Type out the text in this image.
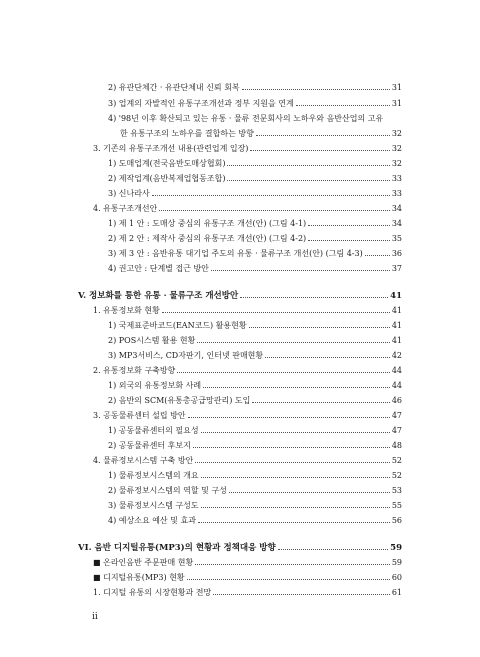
2) 유관단체간 · 유관단체내 신뢰 회복	31
3) 업계의 자발적인 유통구조개선과 정부 지원을 연계	31
4) '98년 이후 확산되고 있는 유통 · 물류 전문회사의 노하우와 음반산업의 고유
한 유통구조의 노하우를 결합하는 방향	32
3. 기존의 유통구조개선 내용(관련업계 입장)	32
1) 도매업계(전국음반도매상협회)	32
2) 제작업계(음반복제업협동조합)	33
3) 신나라사	33
4. 유통구조개선안	34
1) 제 1 안 : 도매상 중심의 유통구조 개선(안) (그림 4-1)	34
2) 제 2 안 : 제작사 중심의 유통구조 개선(안) (그림 4-2)	35
3) 제 3 안 : 음반유통 대기업 주도의 유통 · 물류구조 개선(안) (그림 4-3)	36
4) 권고안 : 단계별 접근 방안	37
V. 정보화를 통한 유통 · 물류구조 개선방안	41
1. 유통정보화 현황	41
1) 국제표준바코드(EAN코드) 활용현황	41
2) POS시스템 활용 현황	41
3) MP3서비스, CD자판기, 인터넷 판매현황	42
2. 유통정보화 구축방향	44
1) 외국의 유통정보화 사례	44
2) 음반의 SCM(유통총공급망관리) 도입	46
3. 공동물류센터 설립 방안	47
1) 공동물류센터의 필요성	47
2) 공동물류센터 후보지	48
4. 물류정보시스템 구축 방안	52
1) 물류정보시스템의 개요	52
2) 물류정보시스템의 역할 및 구성	53
3) 물류정보시스템 구성도	55
4) 예상소요 예산 및 효과	56
VI. 음반 디지털유통(MP3)의 현황과 정책대응 방향	59
■ 온라인음반 주문판매 현황	59
■ 디지털유통(MP3) 현황	60
1. 디지털 유통의 시장현황과 전망	61
ii
